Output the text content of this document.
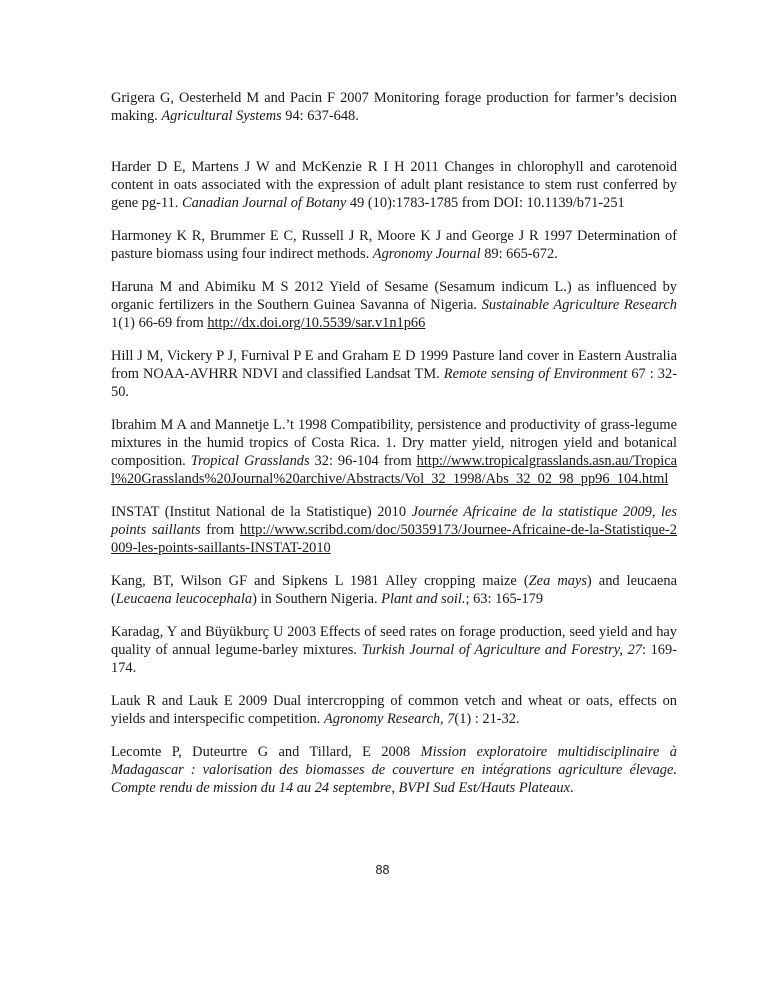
Grigera G, Oesterheld M and Pacin F 2007 Monitoring forage production for farmer’s decision making. Agricultural Systems 94: 637-648.

Harder D E, Martens J W and McKenzie R I H 2011 Changes in chlorophyll and carotenoid content in oats associated with the expression of adult plant resistance to stem rust conferred by gene pg-11. Canadian Journal of Botany 49 (10):1783-1785 from DOI: 10.1139/b71-251

Harmoney K R, Brummer E C, Russell J R, Moore K J and George J R 1997 Determination of pasture biomass using four indirect methods. Agronomy Journal 89: 665-672.

Haruna M and Abimiku M S 2012 Yield of Sesame (Sesamum indicum L.) as influenced by organic fertilizers in the Southern Guinea Savanna of Nigeria. Sustainable Agriculture Research 1(1) 66-69 from http://dx.doi.org/10.5539/sar.v1n1p66

Hill J M, Vickery P J, Furnival P E and Graham E D 1999 Pasture land cover in Eastern Australia from NOAA-AVHRR NDVI and classified Landsat TM. Remote sensing of Environment 67 : 32-50.

Ibrahim M A and Mannetje L.’t 1998 Compatibility, persistence and productivity of grass-legume mixtures in the humid tropics of Costa Rica. 1. Dry matter yield, nitrogen yield and botanical composition. Tropical Grasslands 32: 96-104 from http://www.tropicalgrasslands.asn.au/Tropical%20Grasslands%20Journal%20archive/Abstracts/Vol_32_1998/Abs_32_02_98_pp96_104.html

INSTAT (Institut National de la Statistique) 2010 Journée Africaine de la statistique 2009, les points saillants from http://www.scribd.com/doc/50359173/Journee-Africaine-de-la-Statistique-2009-les-points-saillants-INSTAT-2010

Kang, BT, Wilson GF and Sipkens L 1981 Alley cropping maize (Zea mays) and leucaena (Leucaena leucocephala) in Southern Nigeria. Plant and soil.; 63: 165-179

Karadag, Y and Büyükburç U 2003 Effects of seed rates on forage production, seed yield and hay quality of annual legume-barley mixtures. Turkish Journal of Agriculture and Forestry, 27: 169-174.

Lauk R and Lauk E 2009 Dual intercropping of common vetch and wheat or oats, effects on yields and interspecific competition. Agronomy Research, 7(1) : 21-32.

Lecomte P, Duteurtre G and Tillard, E 2008 Mission exploratoire multidisciplinaire à Madagascar : valorisation des biomasses de couverture en intégrations agriculture élevage. Compte rendu de mission du 14 au 24 septembre, BVPI Sud Est/Hauts Plateaux.

88
